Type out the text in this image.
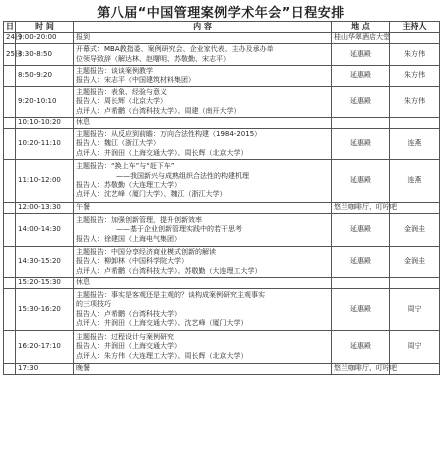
第八届“中国管理案例学术年会”日程安排
日	时 间	内 容	地 点	主持人
24日	9:00-20:00	报到	桂山华翠酒店大堂	
25日	8:30-8:50	开幕式：MBA教指委、案例研究会、企业家代表、主办及承办单
位领导致辞（解达林、赵曙明、苏敬勤、宋志平）	延惠殿	朱方伟
	8:50-9:20	主题报告：谈谈案例教学
报告人：宋志平（中国建筑材料集团）	延惠殿	朱方伟
	9:20-10:10	主题报告：表象、经验与意义
报告人：周长辉（北京大学）
点评人：卢希鹏（台湾科技大学）、周建（南开大学）	延惠殿	朱方伟
	10:10-10:20	休息		

	10:20-11:10	主题报告：从反应到前瞻：万向合法性构建（1984-2015）
报告人：魏江（浙江大学）
点评人：井润田（上海交通大学）、周长辉（北京大学）	延惠殿	连燕
	11:10-12:00	主题报告：“换上车”与“赶下车”
——我国新兴与成熟组织合法性的构建机理
报告人：苏敬勤（大连理工大学）
点评人：沈艺峰（厦门大学）、魏江（浙江大学）	延惠殿	连燕
	12:00-13:30	午餐	悠兰咖啡厅、叮咛吧	
	14:00-14:30	主题报告：加强创新管理，提升创新效率
——基于企业创新管理实践中的若干思考
报告人：徐建国（上海电气集团）	延惠殿	金润圭
	14:30-15:20	主题报告：中国分享经济商业模式创新的解读
报告人：柳卸林（中国科学院大学）
点评人：卢希鹏（台湾科技大学）、苏敬勤（大连理工大学）	延惠殿	金润圭
	15:20-15:30	休息		

	15:30-16:20	主题报告：事实是客观还是主观的？谈构成案例研究主观事实
的三项技巧
报告人：卢希鹏（台湾科技大学）
点评人：井润田（上海交通大学）、沈艺峰（厦门大学）	延惠殿	周宁
	16:20-17:10	主题报告：过程设计与案例研究
报告人：井润田（上海交通大学）
点评人：朱方伟（大连理工大学）、周长辉（北京大学）	延惠殿	周宁
	17:30	晚餐	悠兰咖啡厅、叮咛吧	
